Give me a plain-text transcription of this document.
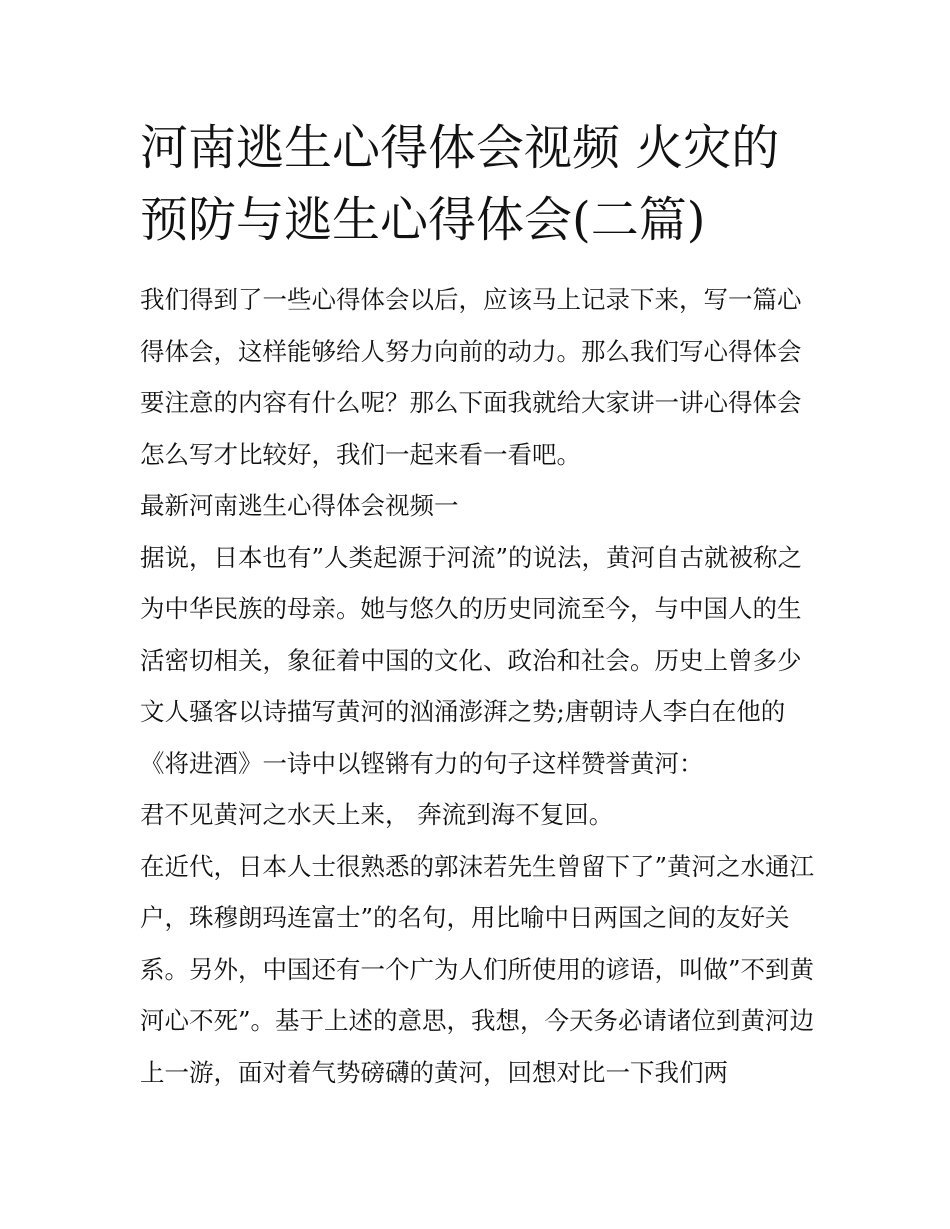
河南逃生心得体会视频 火灾的预防与逃生心得体会(二篇)

我们得到了一些心得体会以后，应该马上记录下来，写一篇心得体会，这样能够给人努力向前的动力。那么我们写心得体会要注意的内容有什么呢？那么下面我就给大家讲一讲心得体会怎么写才比较好，我们一起来看一看吧。

最新河南逃生心得体会视频一

据说，日本也有”人类起源于河流”的说法，黄河自古就被称之为中华民族的母亲。她与悠久的历史同流至今，与中国人的生活密切相关，象征着中国的文化、政治和社会。历史上曾多少文人骚客以诗描写黄河的汹涌澎湃之势;唐朝诗人李白在他的《将进酒》一诗中以铿锵有力的句子这样赞誉黄河：

君不见黄河之水天上来， 奔流到海不复回。

在近代，日本人士很熟悉的郭沫若先生曾留下了”黄河之水通江户，珠穆朗玛连富士”的名句，用比喻中日两国之间的友好关系。另外，中国还有一个广为人们所使用的谚语，叫做”不到黄河心不死”。基于上述的意思，我想，今天务必请诸位到黄河边上一游，面对着气势磅礴的黄河，回想对比一下我们两
